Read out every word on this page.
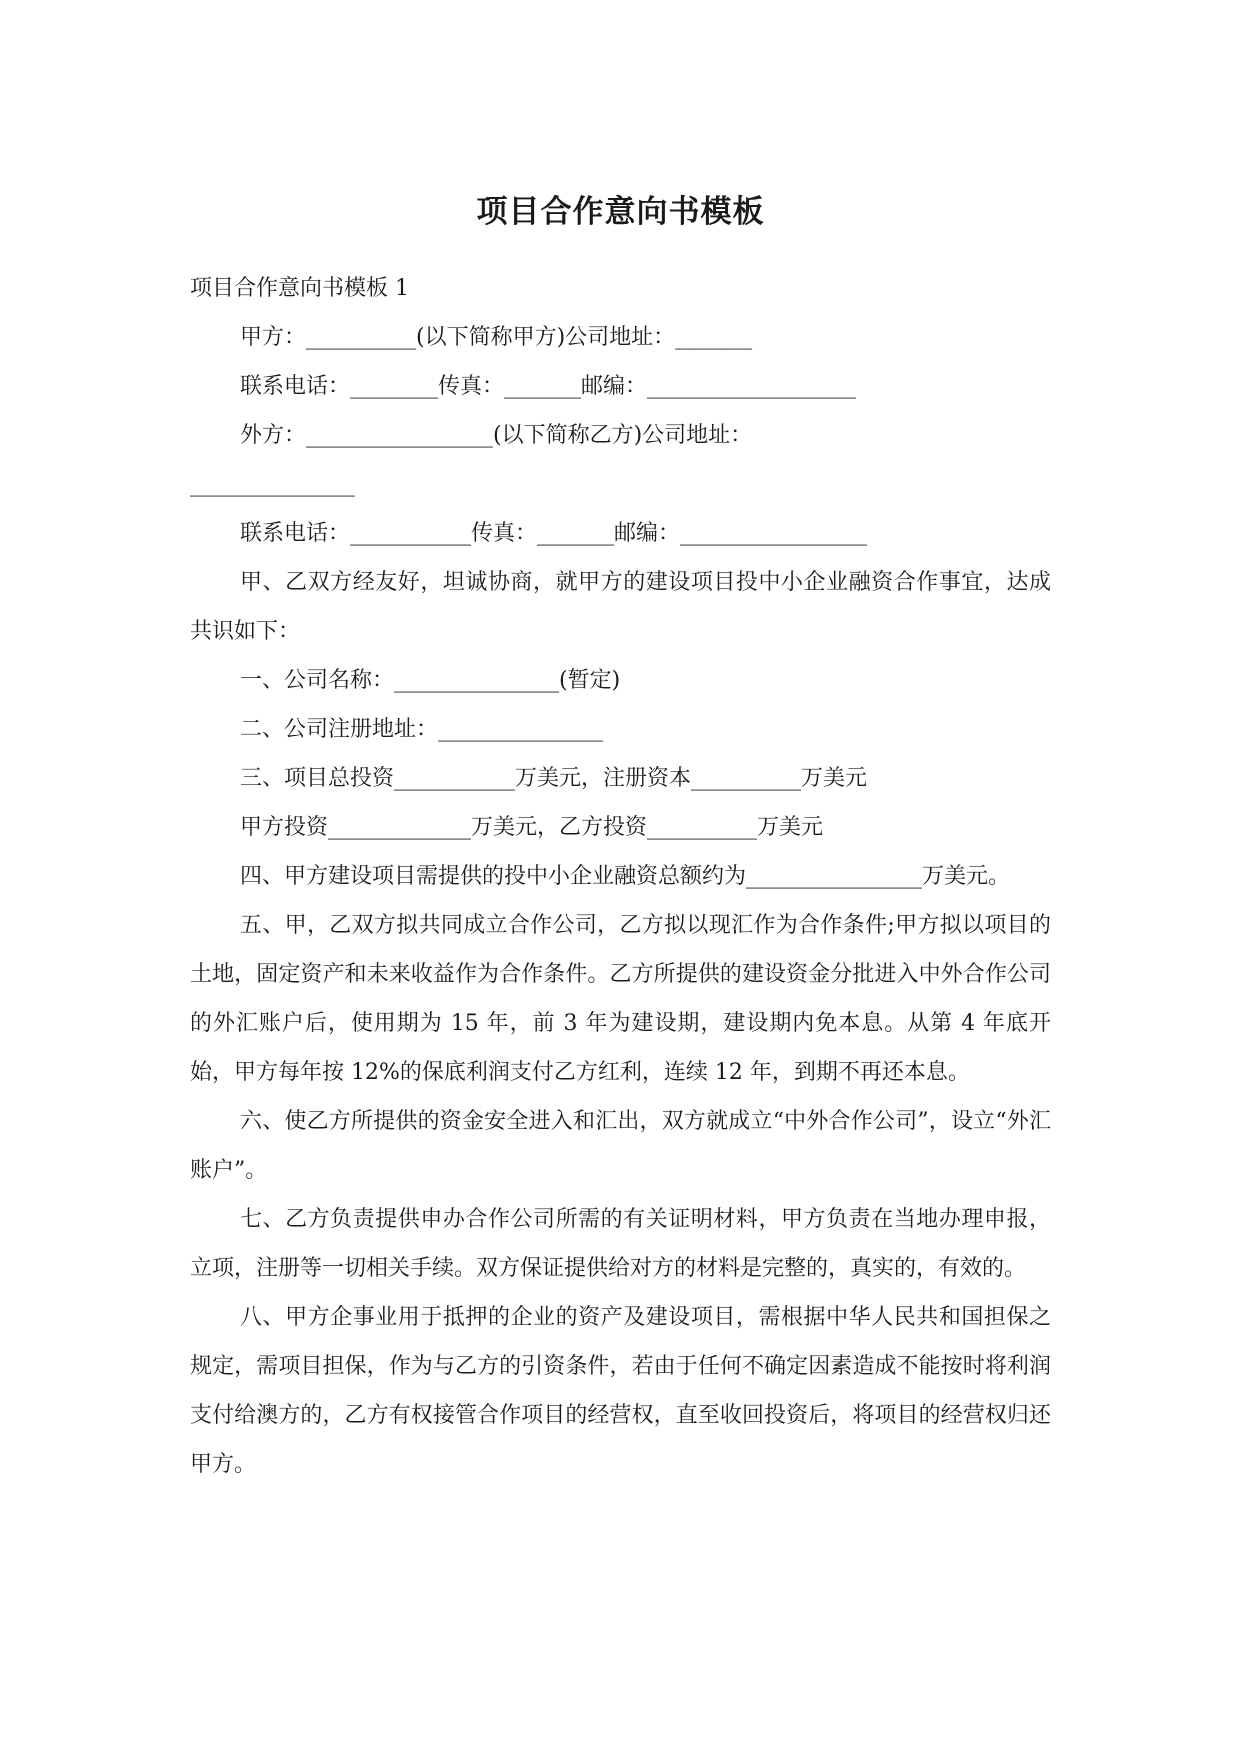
项目合作意向书模板

项目合作意向书模板 1

甲方：__________(以下简称甲方)公司地址：_______

联系电话：________传真：_______邮编：___________________

外方：_________________(以下简称乙方)公司地址：

_______________

联系电话：___________传真：_______邮编：_________________

甲、乙双方经友好，坦诚协商，就甲方的建设项目投中小企业融资合作事宜，达成共识如下：

一、公司名称：_______________(暂定)

二、公司注册地址：_______________

三、项目总投资___________万美元，注册资本__________万美元

甲方投资_____________万美元，乙方投资__________万美元

四、甲方建设项目需提供的投中小企业融资总额约为________________万美元。

五、甲，乙双方拟共同成立合作公司，乙方拟以现汇作为合作条件;甲方拟以项目的土地，固定资产和未来收益作为合作条件。乙方所提供的建设资金分批进入中外合作公司的外汇账户后，使用期为 15 年，前 3 年为建设期，建设期内免本息。从第 4 年底开始，甲方每年按 12%的保底利润支付乙方红利，连续 12 年，到期不再还本息。

六、使乙方所提供的资金安全进入和汇出，双方就成立“中外合作公司”，设立“外汇账户”。

七、乙方负责提供申办合作公司所需的有关证明材料，甲方负责在当地办理申报，立项，注册等一切相关手续。双方保证提供给对方的材料是完整的，真实的，有效的。

八、甲方企事业用于抵押的企业的资产及建设项目，需根据中华人民共和国担保之规定，需项目担保，作为与乙方的引资条件，若由于任何不确定因素造成不能按时将利润支付给澳方的，乙方有权接管合作项目的经营权，直至收回投资后，将项目的经营权归还甲方。
